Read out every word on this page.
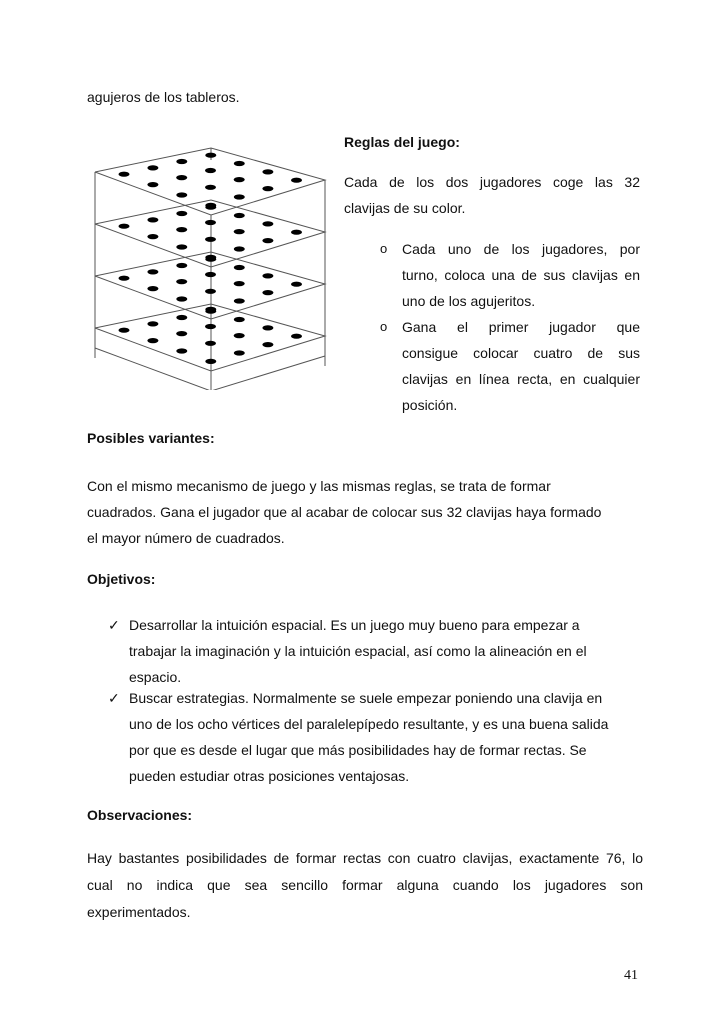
agujeros de los tableros.
Reglas del juego:
Cada de los dos jugadores coge las 32
clavijas de su color.
o Cada uno de los jugadores, por
turno, coloca una de sus clavijas en
uno de los agujeritos.
o Gana el primer jugador que
consigue colocar cuatro de sus
clavijas en línea recta, en cualquier
posición.
Posibles variantes:
Con el mismo mecanismo de juego y las mismas reglas, se trata de formar
cuadrados. Gana el jugador que al acabar de colocar sus 32 clavijas haya formado
el mayor número de cuadrados.
Objetivos:
✓ Desarrollar la intuición espacial. Es un juego muy bueno para empezar a
trabajar la imaginación y la intuición espacial, así como la alineación en el
espacio.
✓ Buscar estrategias. Normalmente se suele empezar poniendo una clavija en
uno de los ocho vértices del paralelepípedo resultante, y es una buena salida
por que es desde el lugar que más posibilidades hay de formar rectas. Se
pueden estudiar otras posiciones ventajosas.
Observaciones:
Hay bastantes posibilidades de formar rectas con cuatro clavijas, exactamente 76, lo
cual no indica que sea sencillo formar alguna cuando los jugadores son
experimentados.
41
